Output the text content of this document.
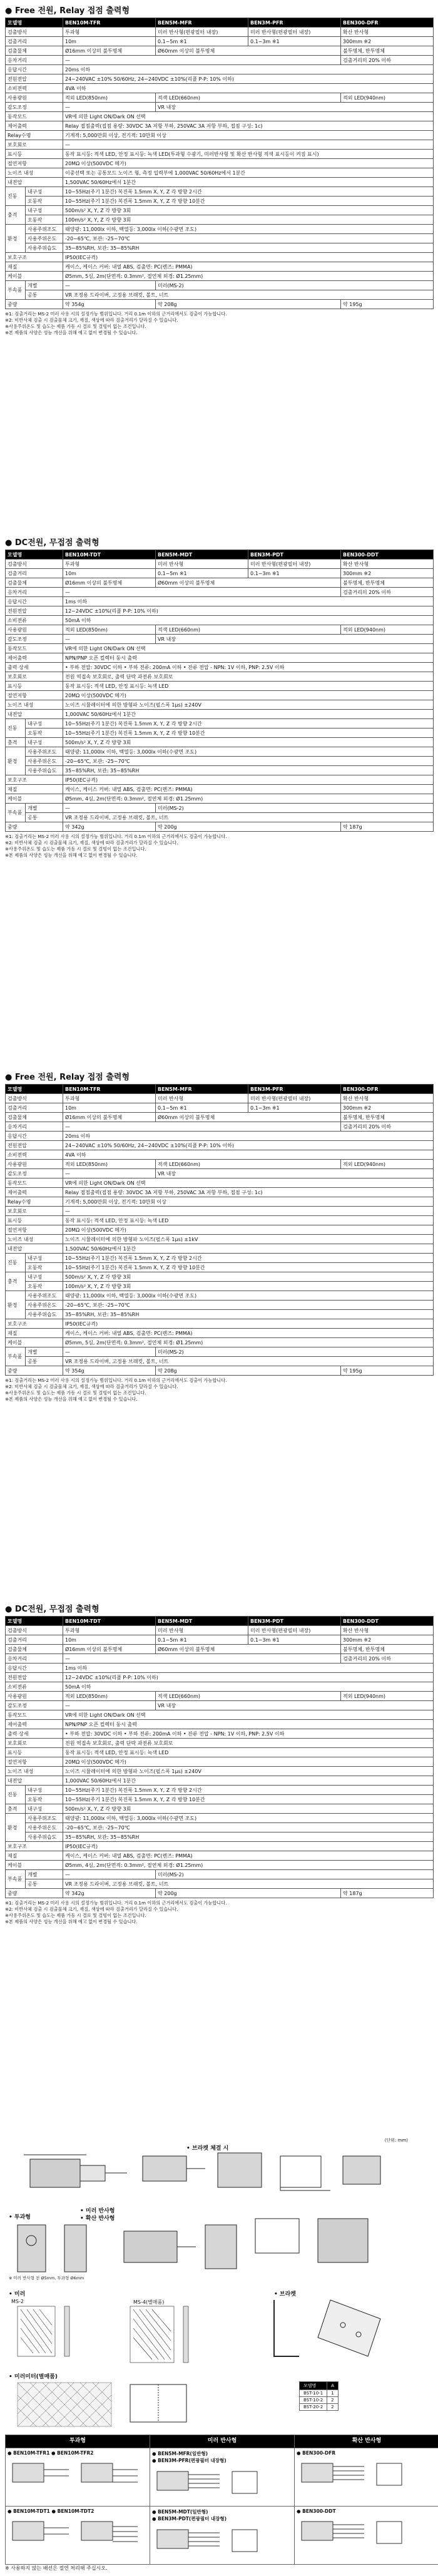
● Free 전원, Relay 접점 출력형
모델명		BEN10M-TFR	BEN5M-MFR	BEN3M-PFR	BEN300-DFR
검출방식		투과형	미러 반사형(편광필터 내장)	미러 반사형(편광필터 내장)	확산 반사형
검출거리		10m	0.1~5m ※1	0.1~3m ※1	300mm ※2
검출물체		Ø16mm 이상의 불투명체	Ø60mm 이상의 불투명체		불투명체, 반투명체
응차거리		—			검출거리의 20% 이하
응답시간		20ms 이하			
전원전압		24~240VAC ±10% 50/60Hz, 24~240VDC ±10%(리플 P-P: 10% 이하)			
소비전력		4VA 이하			
사용광원		적외 LED(850nm)	적색 LED(660nm)		적외 LED(940nm)
감도조정		—	VR 내장		
동작모드		VR에 의한 Light ON/Dark ON 선택			
제어출력		Relay 접점출력(접점 용량: 30VDC 3A 저항 부하, 250VAC 3A 저항 부하, 접점 구성: 1c)			
Relay수명		기계적: 5,000만회 이상, 전기적: 10만회 이상			
보호회로		—			
표시등		동작 표시등: 적색 LED, 안정 표시등: 녹색 LED(투과형 수광기, 미러반사형 및 확산 반사형 적색 표시등이 켜짐 표시)			
절연저항		20MΩ 이상(500VDC 메가)			
노이즈 내성		이중선택 또는 공통모드 노이즈 형, 측정 입력부에 1,000VAC 50/60Hz에서 1분간			
내전압		1,500VAC 50/60Hz에서 1분간			
진동	내구성	10~55Hz(주기 1분간) 복진폭 1.5mm X, Y, Z 각 방향 2시간			
	오동작	10~55Hz(주기 1분간) 복진폭 1.5mm X, Y, Z 각 방향 10분간			
충격	내구성	500m/s² X, Y, Z 각 방향 3회			
	오동작	100m/s² X, Y, Z 각 방향 3회			
환경	사용주위조도	태양광: 11,000lx 이하, 백열등: 3,000lx 이하(수광면 조도)			
	사용주위온도	-20~65℃, 보관: -25~70℃			
	사용주위습도	35~85%RH, 보관: 35~85%RH			
보호구조		IP50(IEC규격)			
재질		케이스, 케이스 커버: 내열 ABS, 검출면: PC(렌즈: PMMA)			
케이블		Ø5mm, 5심, 2m(단면적: 0.3mm², 절연체 외경: Ø1.25mm)			
부속품	개별	—	미러(MS-2)		
	공통	VR 조정용 드라이버, 고정용 브래킷, 볼트, 너트			
중량		약 354g	약 208g		약 195g
※1: 검출거리는 MS-2 미러 사용 시의 설정가능 범위입니다. 거리 0.1m 이하의 근거리에서도 검출이 가능합니다.
※2: 비반사체 검출 시 검출물체 크기, 재질, 색상에 따라 검출거리가 달라질 수 있습니다.
※사용주위온도 및 습도는 제품 가동 시 결로 및 결빙이 없는 조건입니다.
※본 제품의 사양은 성능 개선을 위해 예고 없이 변경될 수 있습니다.
● DC전원, 무접점 출력형
모델명		BEN10M-TDT	BEN5M-MDT	BEN3M-PDT	BEN300-DDT
검출방식		투과형	미러 반사형	미러 반사형(편광필터 내장)	확산 반사형
검출거리		10m	0.1~5m ※1	0.1~3m ※1	300mm ※2
검출물체		Ø16mm 이상의 불투명체	Ø60mm 이상의 불투명체		불투명체, 반투명체
응차거리		—			검출거리의 20% 이하
응답시간		1ms 이하			
전원전압		12~24VDC ±10%(리플 P-P: 10% 이하)			
소비전류		50mA 이하			
사용광원		적외 LED(850nm)	적색 LED(660nm)		적외 LED(940nm)
감도조정		—	VR 내장		
동작모드		VR에 의한 Light ON/Dark ON 선택			
제어출력		NPN/PNP 오픈 컬렉터 동시 출력			
출력 상세		• 부하 전압: 30VDC 이하 • 부하 전류: 200mA 이하 • 잔류 전압 - NPN: 1V 이하, PNP: 2.5V 이하			
보호회로		전원 역접속 보호회로, 출력 단락 과전류 보호회로			
표시등		동작 표시등: 적색 LED, 안정 표시등: 녹색 LED			
절연저항		20MΩ 이상(500VDC 메가)			
노이즈 내성		노이즈 시뮬레이터에 의한 방형파 노이즈(펄스폭 1μs) ±240V			
내전압		1,000VAC 50/60Hz에서 1분간			
진동	내구성	10~55Hz(주기 1분간) 복진폭 1.5mm X, Y, Z 각 방향 2시간			
	오동작	10~55Hz(주기 1분간) 복진폭 1.5mm X, Y, Z 각 방향 10분간			
충격	내구성	500m/s² X, Y, Z 각 방향 3회			
환경	사용주위조도	태양광: 11,000lx 이하, 백열등: 3,000lx 이하(수광면 조도)			
	사용주위온도	-20~65℃, 보관: -25~70℃			
	사용주위습도	35~85%RH, 보관: 35~85%RH			
보호구조		IP50(IEC규격)			
재질		케이스, 케이스 커버: 내열 ABS, 검출면: PC(렌즈: PMMA)			
케이블		Ø5mm, 4심, 2m(단면적: 0.3mm², 절연체 외경: Ø1.25mm)			
부속품	개별	—	미러(MS-2)		
	공통	VR 조정용 드라이버, 고정용 브래킷, 볼트, 너트			
중량		약 342g	약 200g		약 187g
※1: 검출거리는 MS-2 미러 사용 시의 설정가능 범위입니다. 거리 0.1m 이하의 근거리에서도 검출이 가능합니다.
※2: 비반사체 검출 시 검출물체 크기, 재질, 색상에 따라 검출거리가 달라질 수 있습니다.
※사용주위온도 및 습도는 제품 가동 시 결로 및 결빙이 없는 조건입니다.
※본 제품의 사양은 성능 개선을 위해 예고 없이 변경될 수 있습니다.
● Free 전원, Relay 접점 출력형
모델명		BEN10M-TFR	BEN5M-MFR	BEN3M-PFR	BEN300-DFR
검출방식		투과형	미러 반사형	미러 반사형(편광필터 내장)	확산 반사형
검출거리		10m	0.1~5m ※1	0.1~3m ※1	300mm ※2
검출물체		Ø16mm 이상의 불투명체	Ø60mm 이상의 불투명체		불투명체, 반투명체
응차거리		—			검출거리의 20% 이하
응답시간		20ms 이하			
전원전압		24~240VAC ±10% 50/60Hz, 24~240VDC ±10%(리플 P-P: 10% 이하)			
소비전력		4VA 이하			
사용광원		적외 LED(850nm)	적색 LED(660nm)		적외 LED(940nm)
감도조정		—	VR 내장		
동작모드		VR에 의한 Light ON/Dark ON 선택			
제어출력		Relay 접점출력(접점 용량: 30VDC 3A 저항 부하, 250VAC 3A 저항 부하, 접점 구성: 1c)			
Relay수명		기계적: 5,000만회 이상, 전기적: 10만회 이상			
보호회로		—			
표시등		동작 표시등: 적색 LED, 안정 표시등: 녹색 LED			
절연저항		20MΩ 이상(500VDC 메가)			
노이즈 내성		노이즈 시뮬레이터에 의한 방형파 노이즈(펄스폭 1μs) ±1kV			
내전압		1,500VAC 50/60Hz에서 1분간			
진동	내구성	10~55Hz(주기 1분간) 복진폭 1.5mm X, Y, Z 각 방향 2시간			
	오동작	10~55Hz(주기 1분간) 복진폭 1.5mm X, Y, Z 각 방향 10분간			
충격	내구성	500m/s² X, Y, Z 각 방향 3회			
	오동작	100m/s² X, Y, Z 각 방향 3회			
환경	사용주위조도	태양광: 11,000lx 이하, 백열등: 3,000lx 이하(수광면 조도)			
	사용주위온도	-20~65℃, 보관: -25~70℃			
	사용주위습도	35~85%RH, 보관: 35~85%RH			
보호구조		IP50(IEC규격)			
재질		케이스, 케이스 커버: 내열 ABS, 검출면: PC(렌즈: PMMA)			
케이블		Ø5mm, 5심, 2m(단면적: 0.3mm², 절연체 외경: Ø1.25mm)			
부속품	개별	—	미러(MS-2)		
	공통	VR 조정용 드라이버, 고정용 브래킷, 볼트, 너트			
중량		약 354g	약 208g		약 195g
※1: 검출거리는 MS-2 미러 사용 시의 설정가능 범위입니다. 거리 0.1m 이하의 근거리에서도 검출이 가능합니다.
※2: 비반사체 검출 시 검출물체 크기, 재질, 색상에 따라 검출거리가 달라질 수 있습니다.
※사용주위온도 및 습도는 제품 가동 시 결로 및 결빙이 없는 조건입니다.
※본 제품의 사양은 성능 개선을 위해 예고 없이 변경될 수 있습니다.
● DC전원, 무접점 출력형
모델명		BEN10M-TDT	BEN5M-MDT	BEN3M-PDT	BEN300-DDT
검출방식		투과형	미러 반사형	미러 반사형(편광필터 내장)	확산 반사형
검출거리		10m	0.1~5m ※1	0.1~3m ※1	300mm ※2
검출물체		Ø16mm 이상의 불투명체	Ø60mm 이상의 불투명체		불투명체, 반투명체
응차거리		—			검출거리의 20% 이하
응답시간		1ms 이하			
전원전압		12~24VDC ±10%(리플 P-P: 10% 이하)			
소비전류		50mA 이하			
사용광원		적외 LED(850nm)	적색 LED(660nm)		적외 LED(940nm)
감도조정		—	VR 내장		
동작모드		VR에 의한 Light ON/Dark ON 선택			
제어출력		NPN/PNP 오픈 컬렉터 동시 출력			
출력 상세		• 부하 전압: 30VDC 이하 • 부하 전류: 200mA 이하 • 잔류 전압 - NPN: 1V 이하, PNP: 2.5V 이하			
보호회로		전원 역접속 보호회로, 출력 단락 과전류 보호회로			
표시등		동작 표시등: 적색 LED, 안정 표시등: 녹색 LED			
절연저항		20MΩ 이상(500VDC 메가)			
노이즈 내성		노이즈 시뮬레이터에 의한 방형파 노이즈(펄스폭 1μs) ±240V			
내전압		1,000VAC 50/60Hz에서 1분간			
진동	내구성	10~55Hz(주기 1분간) 복진폭 1.5mm X, Y, Z 각 방향 2시간			
	오동작	10~55Hz(주기 1분간) 복진폭 1.5mm X, Y, Z 각 방향 10분간			
충격	내구성	500m/s² X, Y, Z 각 방향 3회			
환경	사용주위조도	태양광: 11,000lx 이하, 백열등: 3,000lx 이하(수광면 조도)			
	사용주위온도	-20~65℃, 보관: -25~70℃			
	사용주위습도	35~85%RH, 보관: 35~85%RH			
보호구조		IP50(IEC규격)			
재질		케이스, 케이스 커버: 내열 ABS, 검출면: PC(렌즈: PMMA)			
케이블		Ø5mm, 4심, 2m(단면적: 0.3mm², 절연체 외경: Ø1.25mm)			
부속품	개별	—	미러(MS-2)		
	공통	VR 조정용 드라이버, 고정용 브래킷, 볼트, 너트			
중량		약 342g	약 200g		약 187g
※1: 검출거리는 MS-2 미러 사용 시의 설정가능 범위입니다. 거리 0.1m 이하의 근거리에서도 검출이 가능합니다.
※2: 비반사체 검출 시 검출물체 크기, 재질, 색상에 따라 검출거리가 달라질 수 있습니다.
※사용주위온도 및 습도는 제품 가동 시 결로 및 결빙이 없는 조건입니다.
※본 제품의 사양은 성능 개선을 위해 예고 없이 변경될 수 있습니다.
(단위: mm)
• 브라켓 체결 시
• 투과형
• 미러 반사형
• 확산 반사형
• 미러
MS-2	MS-4(별매품)
• 브라켓
• 미러미터(별매품)
※ 미러 반사형 전 Ø5mm, 투과형 Ø6mm
모델명	A
BST-10-1	1
BST-10-2	2
BST-20-2	2
투과형	미러 반사형	확산 반사형

● BEN10M-TFR1 ● BEN10M-TFR2	● BEN5M-MFR(일반형)
● BEN3M-PFR(편광필터 내장형)	● BEN300-DFR

● BEN10M-TDT1 ● BEN10M-TDT2	● BEN5M-MDT(일반형)
● BEN3M-PDT(편광필터 내장형)	● BEN300-DDT
※ 사용하지 않는 배선은 절연 처리해 주십시오.
